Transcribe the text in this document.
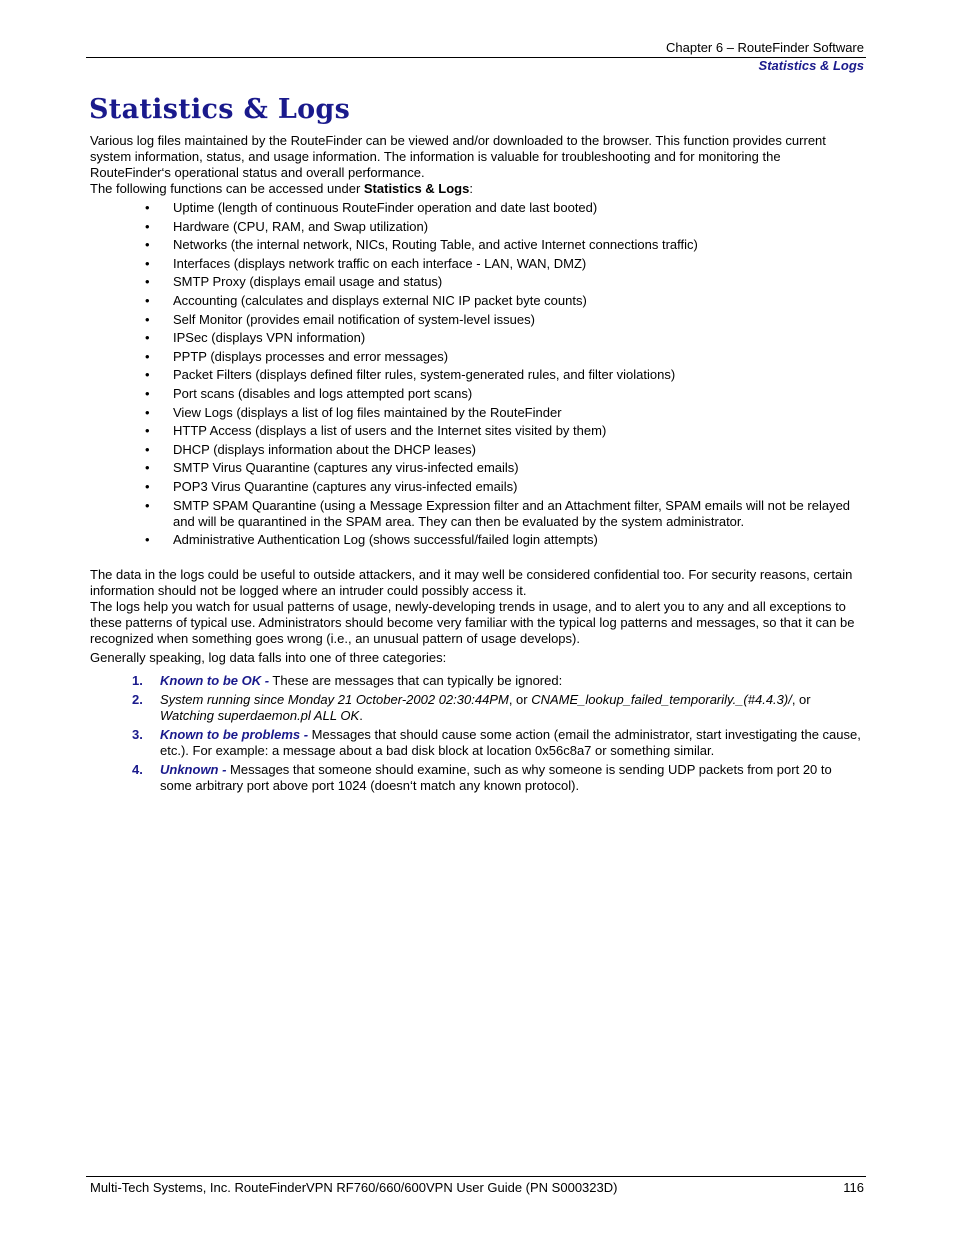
Chapter 6 – RouteFinder Software
Statistics & Logs
Statistics & Logs

Various log files maintained by the RouteFinder can be viewed and/or downloaded to the browser. This function provides current system information, status, and usage information. The information is valuable for troubleshooting and for monitoring the RouteFinder‘s operational status and overall performance.

The following functions can be accessed under Statistics & Logs:

• Uptime (length of continuous RouteFinder operation and date last booted)
• Hardware (CPU, RAM, and Swap utilization)
• Networks (the internal network, NICs, Routing Table, and active Internet connections traffic)
• Interfaces (displays network traffic on each interface - LAN, WAN, DMZ)
• SMTP Proxy (displays email usage and status)
• Accounting (calculates and displays external NIC IP packet byte counts)
• Self Monitor (provides email notification of system-level issues)
• IPSec (displays VPN information)
• PPTP (displays processes and error messages)
• Packet Filters (displays defined filter rules, system-generated rules, and filter violations)
• Port scans (disables and logs attempted port scans)
• View Logs (displays a list of log files maintained by the RouteFinder
• HTTP Access (displays a list of users and the Internet sites visited by them)
• DHCP (displays information about the DHCP leases)
• SMTP Virus Quarantine (captures any virus-infected emails)
• POP3 Virus Quarantine (captures any virus-infected emails)
• SMTP SPAM Quarantine (using a Message Expression filter and an Attachment filter, SPAM emails will not be relayed and will be quarantined in the SPAM area. They can then be evaluated by the system administrator.
• Administrative Authentication Log (shows successful/failed login attempts)

The data in the logs could be useful to outside attackers, and it may well be considered confidential too. For security reasons, certain information should not be logged where an intruder could possibly access it.

The logs help you watch for usual patterns of usage, newly-developing trends in usage, and to alert you to any and all exceptions to these patterns of typical use. Administrators should become very familiar with the typical log patterns and messages, so that it can be recognized when something goes wrong (i.e., an unusual pattern of usage develops).

Generally speaking, log data falls into one of three categories:

1. Known to be OK - These are messages that can typically be ignored:
2. System running since Monday 21 October-2002 02:30:44PM, or CNAME_lookup_failed_temporarily._(#4.4.3)/, or Watching superdaemon.pl ALL OK.
3. Known to be problems - Messages that should cause some action (email the administrator, start investigating the cause, etc.). For example: a message about a bad disk block at location 0x56c8a7 or something similar.
4. Unknown - Messages that someone should examine, such as why someone is sending UDP packets from port 20 to some arbitrary port above port 1024 (doesn‘t match any known protocol).
Multi-Tech Systems, Inc. RouteFinderVPN RF760/660/600VPN User Guide (PN S000323D)	116
